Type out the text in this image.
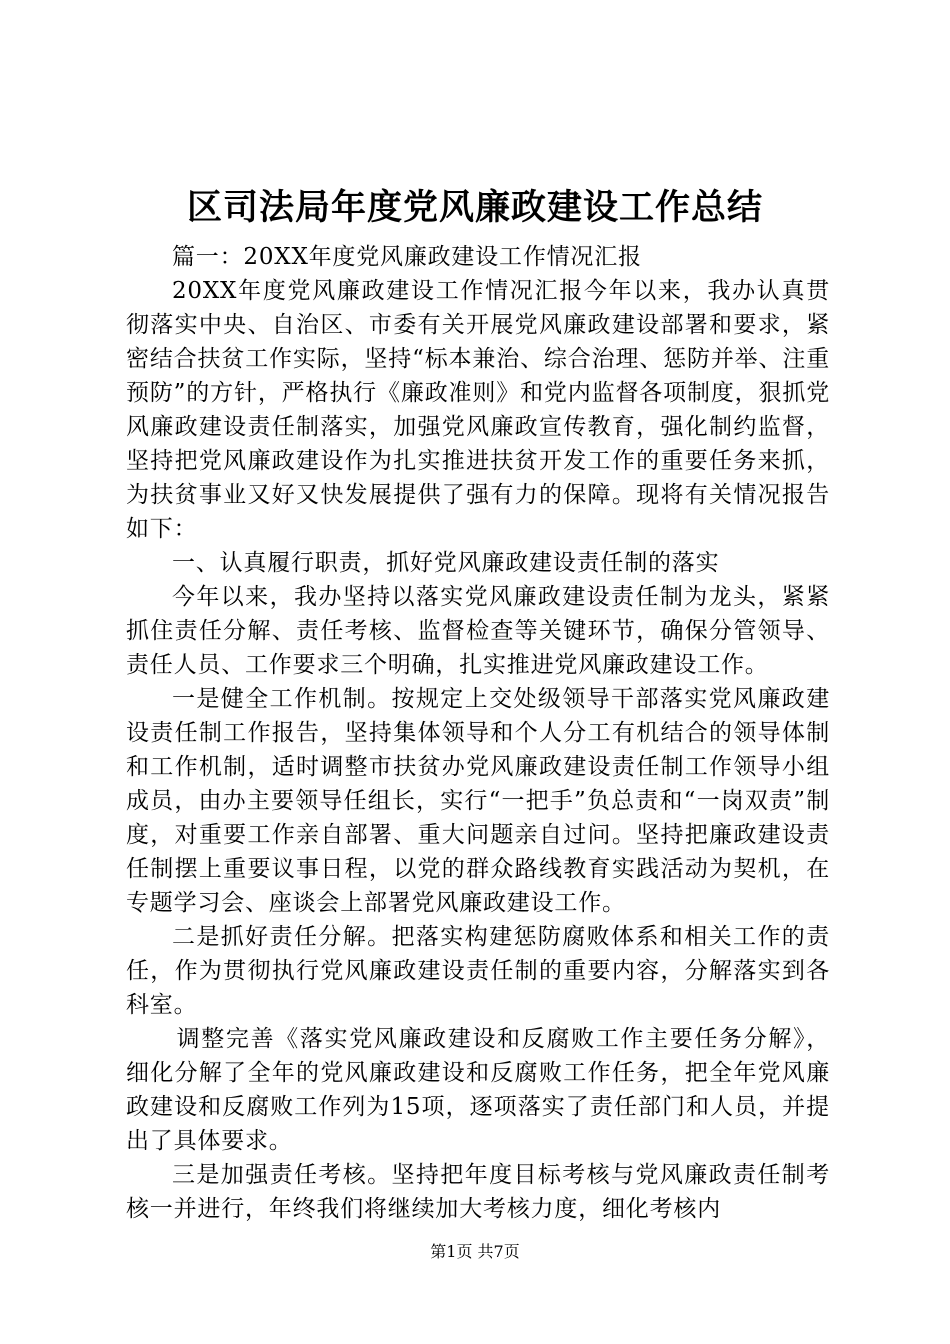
区司法局年度党风廉政建设工作总结

篇一：20XX年度党风廉政建设工作情况汇报

20XX年度党风廉政建设工作情况汇报今年以来，我办认真贯彻落实中央、自治区、市委有关开展党风廉政建设部署和要求，紧密结合扶贫工作实际，坚持“标本兼治、综合治理、惩防并举、注重预防”的方针，严格执行《廉政准则》和党内监督各项制度，狠抓党风廉政建设责任制落实，加强党风廉政宣传教育，强化制约监督，坚持把党风廉政建设作为扎实推进扶贫开发工作的重要任务来抓，为扶贫事业又好又快发展提供了强有力的保障。现将有关情况报告如下：

一、认真履行职责，抓好党风廉政建设责任制的落实

今年以来，我办坚持以落实党风廉政建设责任制为龙头，紧紧抓住责任分解、责任考核、监督检查等关键环节，确保分管领导、责任人员、工作要求三个明确，扎实推进党风廉政建设工作。

一是健全工作机制。按规定上交处级领导干部落实党风廉政建设责任制工作报告，坚持集体领导和个人分工有机结合的领导体制和工作机制，适时调整市扶贫办党风廉政建设责任制工作领导小组成员，由办主要领导任组长，实行“一把手”负总责和“一岗双责”制度，对重要工作亲自部署、重大问题亲自过问。坚持把廉政建设责任制摆上重要议事日程，以党的群众路线教育实践活动为契机，在专题学习会、座谈会上部署党风廉政建设工作。

二是抓好责任分解。把落实构建惩防腐败体系和相关工作的责任，作为贯彻执行党风廉政建设责任制的重要内容，分解落实到各科室。

调整完善《落实党风廉政建设和反腐败工作主要任务分解》，细化分解了全年的党风廉政建设和反腐败工作任务，把全年党风廉政建设和反腐败工作列为15项，逐项落实了责任部门和人员，并提出了具体要求。

三是加强责任考核。坚持把年度目标考核与党风廉政责任制考核一并进行，年终我们将继续加大考核力度，细化考核内

第1页 共7页
